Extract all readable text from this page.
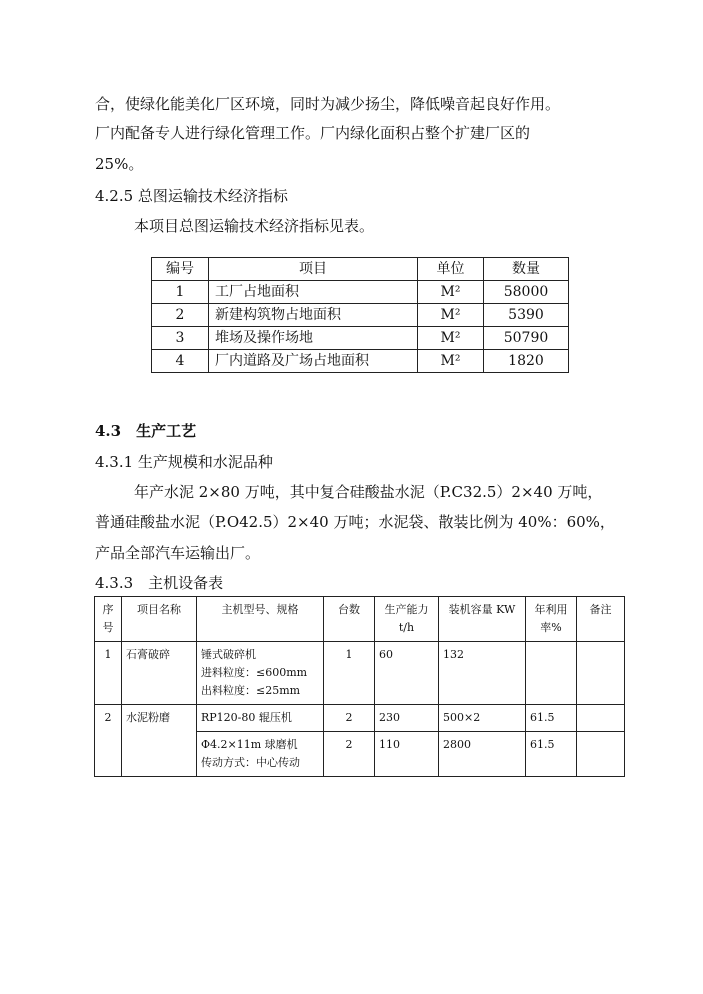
合，使绿化能美化厂区环境，同时为减少扬尘，降低噪音起良好作用。
厂内配备专人进行绿化管理工作。厂内绿化面积占整个扩建厂区的
25%。
4.2.5 总图运输技术经济指标
本项目总图运输技术经济指标见表。
编号	项目	单位	数量
1	工厂占地面积	M²	58000
2	新建构筑物占地面积	M²	5390
3	堆场及操作场地	M²	50790
4	厂内道路及广场占地面积	M²	1820
4.3　生产工艺
4.3.1 生产规模和水泥品种
年产水泥 2×80 万吨，其中复合硅酸盐水泥（P.C32.5）2×40 万吨，
普通硅酸盐水泥（P.O42.5）2×40 万吨；水泥袋、散装比例为 40%：60%，
产品全部汽车运输出厂。
4.3.3　主机设备表
序号	项目名称	主机型号、规格	台数	生产能力 t/h	装机容量 KW	年利用率%	备注
1	石膏破碎	锤式破碎机
进料粒度：≤600mm
出料粒度：≤25mm	1	60	132		
2	水泥粉磨	RP120-80 辊压机	2	230	500×2	61.5	

		Φ4.2×11m 球磨机
传动方式：中心传动	2	110	2800	61.5	
